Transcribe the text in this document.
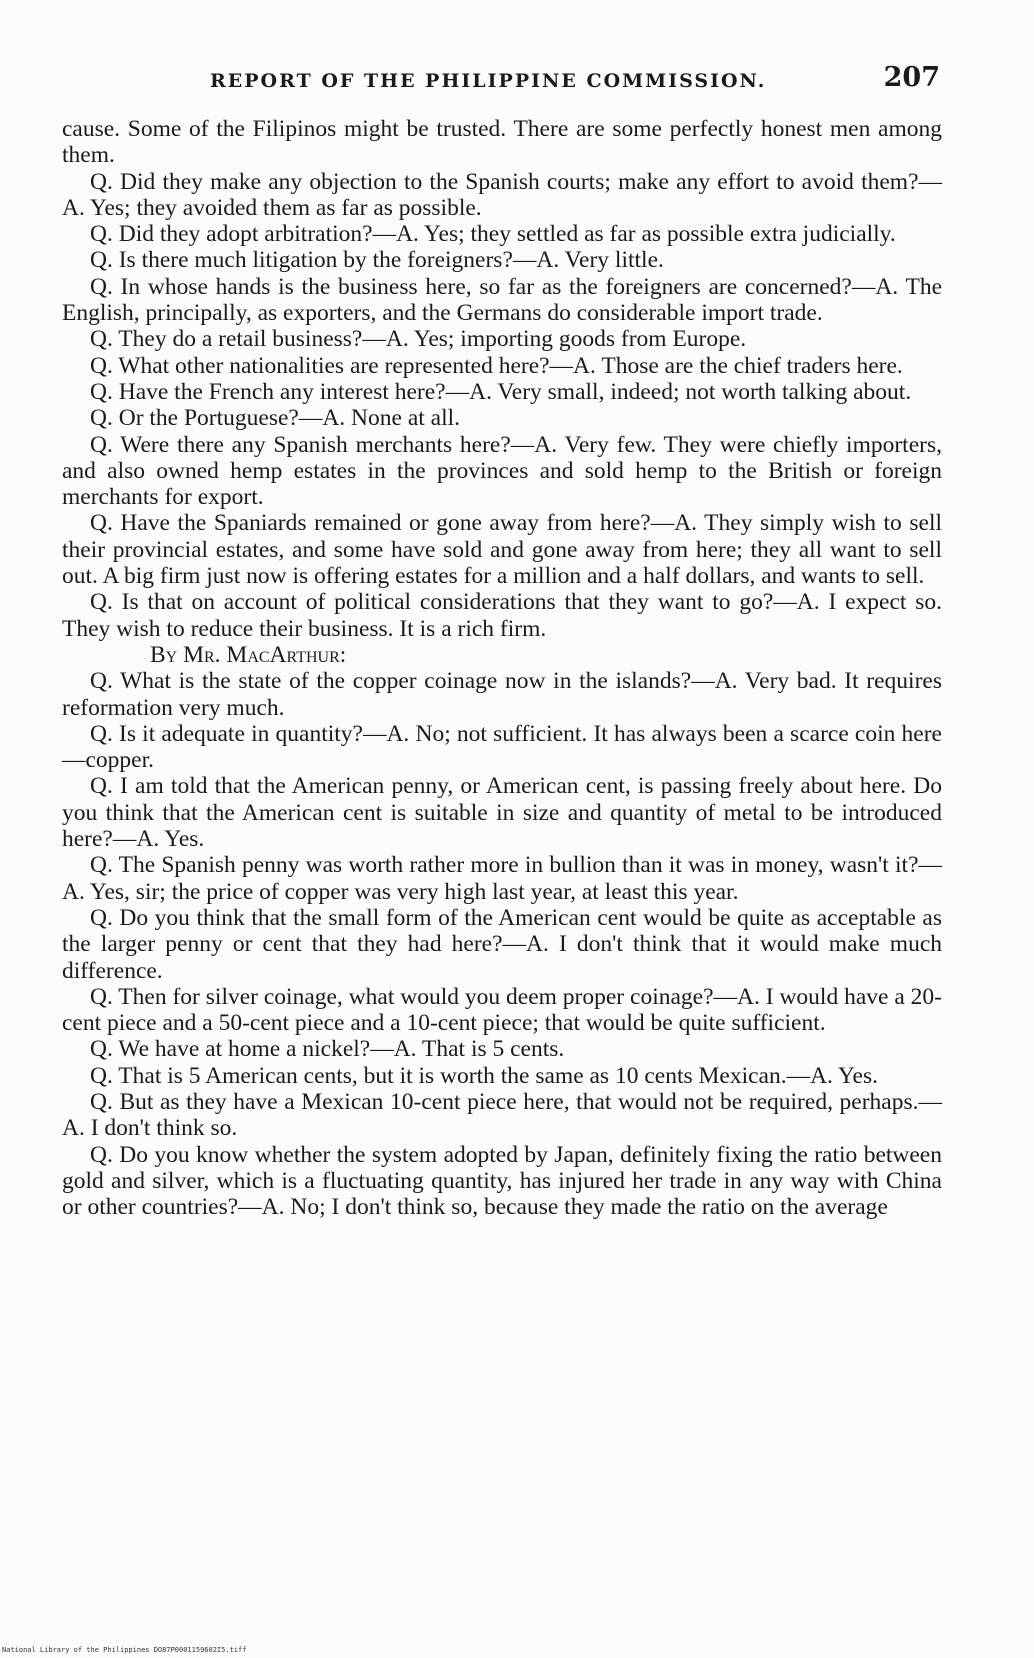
REPORT OF THE PHILIPPINE COMMISSION.	207

cause. Some of the Filipinos might be trusted. There are some perfectly honest men among them.

Q. Did they make any objection to the Spanish courts; make any effort to avoid them?—A. Yes; they avoided them as far as possible.

Q. Did they adopt arbitration?—A. Yes; they settled as far as possible extra judicially.

Q. Is there much litigation by the foreigners?—A. Very little.

Q. In whose hands is the business here, so far as the foreigners are concerned?—A. The English, principally, as exporters, and the Germans do considerable import trade.

Q. They do a retail business?—A. Yes; importing goods from Europe.

Q. What other nationalities are represented here?—A. Those are the chief traders here.

Q. Have the French any interest here?—A. Very small, indeed; not worth talking about.

Q. Or the Portuguese?—A. None at all.

Q. Were there any Spanish merchants here?—A. Very few. They were chiefly importers, and also owned hemp estates in the provinces and sold hemp to the British or foreign merchants for export.

Q. Have the Spaniards remained or gone away from here?—A. They simply wish to sell their provincial estates, and some have sold and gone away from here; they all want to sell out. A big firm just now is offering estates for a million and a half dollars, and wants to sell.

Q. Is that on account of political considerations that they want to go?—A. I expect so. They wish to reduce their business. It is a rich firm.

By Mr. MacArthur:

Q. What is the state of the copper coinage now in the islands?—A. Very bad. It requires reformation very much.

Q. Is it adequate in quantity?—A. No; not sufficient. It has always been a scarce coin here—copper.

Q. I am told that the American penny, or American cent, is passing freely about here. Do you think that the American cent is suitable in size and quantity of metal to be introduced here?—A. Yes.

Q. The Spanish penny was worth rather more in bullion than it was in money, wasn't it?—A. Yes, sir; the price of copper was very high last year, at least this year.

Q. Do you think that the small form of the American cent would be quite as acceptable as the larger penny or cent that they had here?—A. I don't think that it would make much difference.

Q. Then for silver coinage, what would you deem proper coinage?—A. I would have a 20-cent piece and a 50-cent piece and a 10-cent piece; that would be quite sufficient.

Q. We have at home a nickel?—A. That is 5 cents.

Q. That is 5 American cents, but it is worth the same as 10 cents Mexican.—A. Yes.

Q. But as they have a Mexican 10-cent piece here, that would not be required, perhaps.—A. I don't think so.

Q. Do you know whether the system adopted by Japan, definitely fixing the ratio between gold and silver, which is a fluctuating quantity, has injured her trade in any way with China or other countries?—A. No; I don't think so, because they made the ratio on the average

National Library of the Philippines DO87P0001159602I5.tiff
